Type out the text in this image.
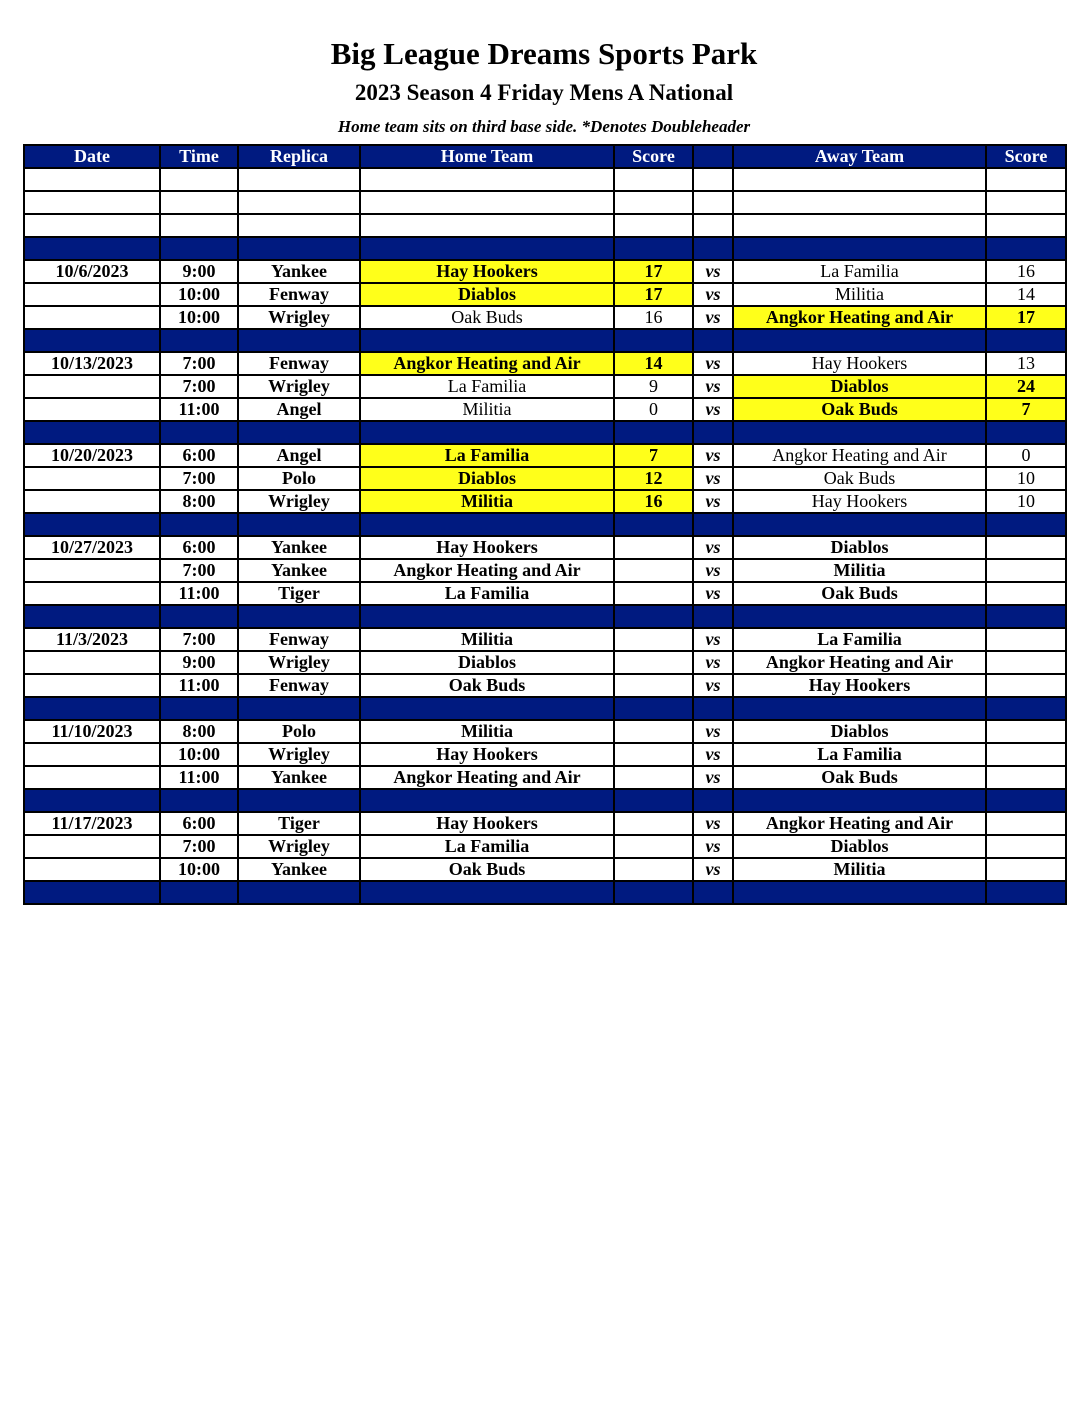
Big League Dreams Sports Park
2023 Season 4 Friday Mens A National
Home team sits on third base side. *Denotes Doubleheader
Date	Time	Replica	Home Team	Score		Away Team	Score

10/6/2023	9:00	Yankee	Hay Hookers	17	vs	La Familia	16
	10:00	Fenway	Diablos	17	vs	Militia	14
	10:00	Wrigley	Oak Buds	16	vs	Angkor Heating and Air	17

10/13/2023	7:00	Fenway	Angkor Heating and Air	14	vs	Hay Hookers	13
	7:00	Wrigley	La Familia	9	vs	Diablos	24
	11:00	Angel	Militia	0	vs	Oak Buds	7

10/20/2023	6:00	Angel	La Familia	7	vs	Angkor Heating and Air	0
	7:00	Polo	Diablos	12	vs	Oak Buds	10
	8:00	Wrigley	Militia	16	vs	Hay Hookers	10

10/27/2023	6:00	Yankee	Hay Hookers		vs	Diablos	
	7:00	Yankee	Angkor Heating and Air		vs	Militia	
	11:00	Tiger	La Familia		vs	Oak Buds	

11/3/2023	7:00	Fenway	Militia		vs	La Familia	
	9:00	Wrigley	Diablos		vs	Angkor Heating and Air	
	11:00	Fenway	Oak Buds		vs	Hay Hookers	

11/10/2023	8:00	Polo	Militia		vs	Diablos	
	10:00	Wrigley	Hay Hookers		vs	La Familia	
	11:00	Yankee	Angkor Heating and Air		vs	Oak Buds	

11/17/2023	6:00	Tiger	Hay Hookers		vs	Angkor Heating and Air	
	7:00	Wrigley	La Familia		vs	Diablos	
	10:00	Yankee	Oak Buds		vs	Militia	
